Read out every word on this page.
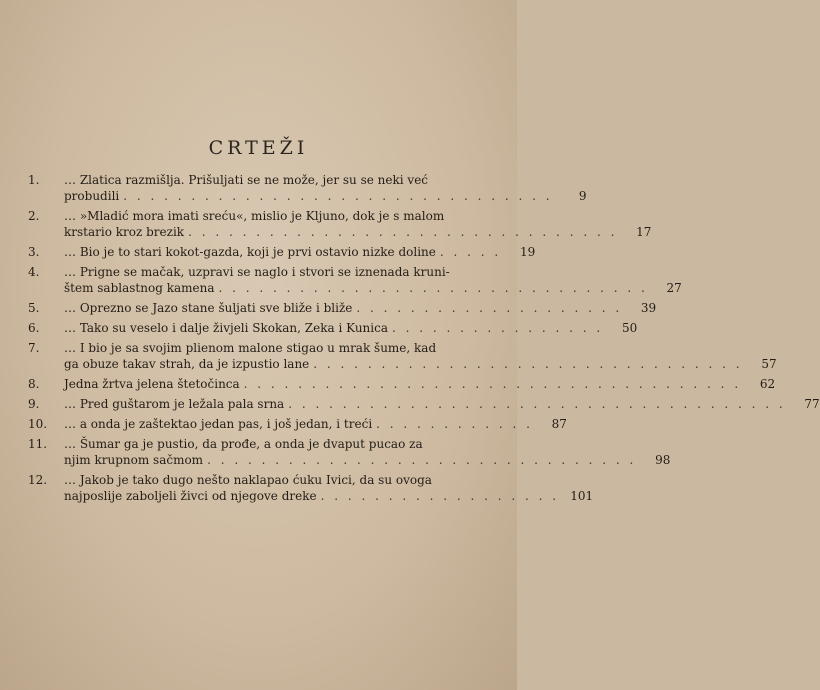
CRTEŽI
1.	… Zlatica razmišlja. Prišuljati se ne može, jer su se neki već
probudili . . . . . . . . . . . . . . . . . . . . . . . . . . . . . . . .	9
2.	… »Mladić mora imati sreću«, mislio je Kljuno, dok je s malom
krstario kroz brezik . . . . . . . . . . . . . . . . . . . . . . . . . . . . . . . .	17
3.	… Bio je to stari kokot-gazda, koji je prvi ostavio nizke doline . . . . .	19
4.	… Prigne se mačak, uzpravi se naglo i stvori se iznenada kruni-
štem sablastnog kamena . . . . . . . . . . . . . . . . . . . . . . . . . . . . . . . .	27
5.	… Oprezno se Jazo stane šuljati sve bliže i bliže . . . . . . . . . . . . . . . . . . . .	39
6.	… Tako su veselo i dalje živjeli Skokan, Zeka i Kunica . . . . . . . . . . . . . . . .	50
7.	… I bio je sa svojim plienom malone stigao u mrak šume, kad
ga obuze takav strah, da je izpustio lane . . . . . . . . . . . . . . . . . . . . . . . . . . . . . . . .	57
8.	Jedna žrtva jelena štetočinca . . . . . . . . . . . . . . . . . . . . . . . . . . . . . . . . . . . . .	62
9.	… Pred guštarom je ležala pala srna . . . . . . . . . . . . . . . . . . . . . . . . . . . . . . . . . . . . .	77
10.	… a onda je zaštektao jedan pas, i još jedan, i treći . . . . . . . . . . . .	87
11.	… Šumar ga je pustio, da prođe, a onda je dvaput pucao za
njim krupnom sačmom . . . . . . . . . . . . . . . . . . . . . . . . . . . . . . . .	98
12.	… Jakob je tako dugo nešto naklapao ćuku Ivici, da su ovoga
najposlije zaboljeli živci od njegove dreke . . . . . . . . . . . . . . . . . . 101
